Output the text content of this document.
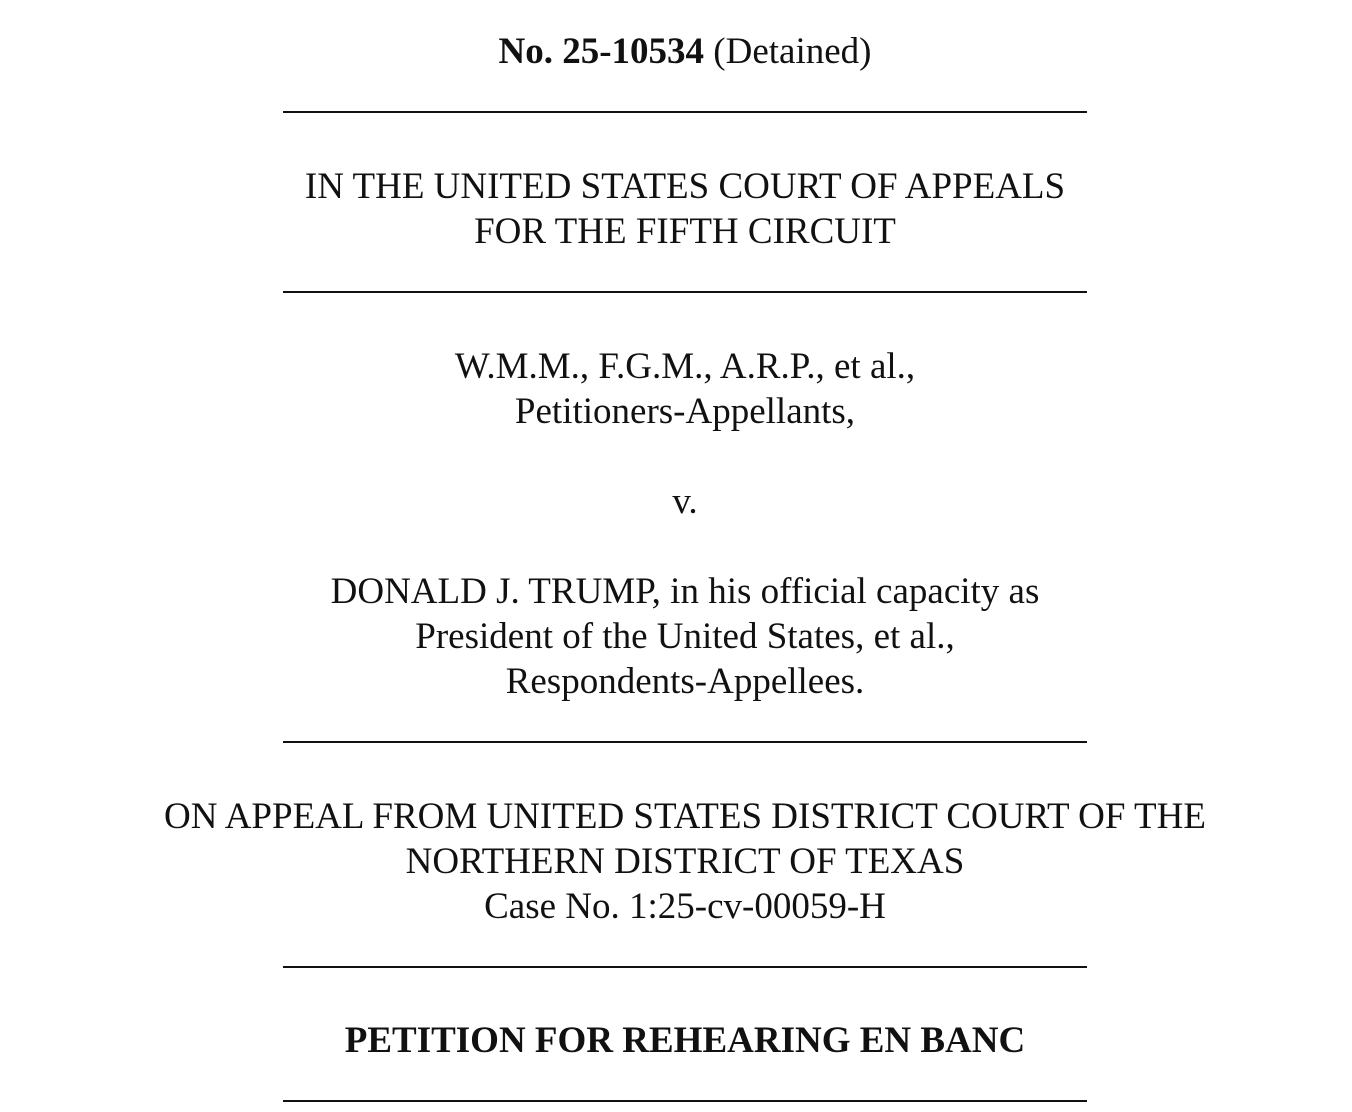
No. 25-10534 (Detained)
IN THE UNITED STATES COURT OF APPEALS
FOR THE FIFTH CIRCUIT
W.M.M., F.G.M., A.R.P., et al.,
Petitioners-Appellants,
v.
DONALD J. TRUMP, in his official capacity as
President of the United States, et al.,
Respondents-Appellees.
ON APPEAL FROM UNITED STATES DISTRICT COURT OF THE
NORTHERN DISTRICT OF TEXAS
Case No. 1:25-cv-00059-H
PETITION FOR REHEARING EN BANC
